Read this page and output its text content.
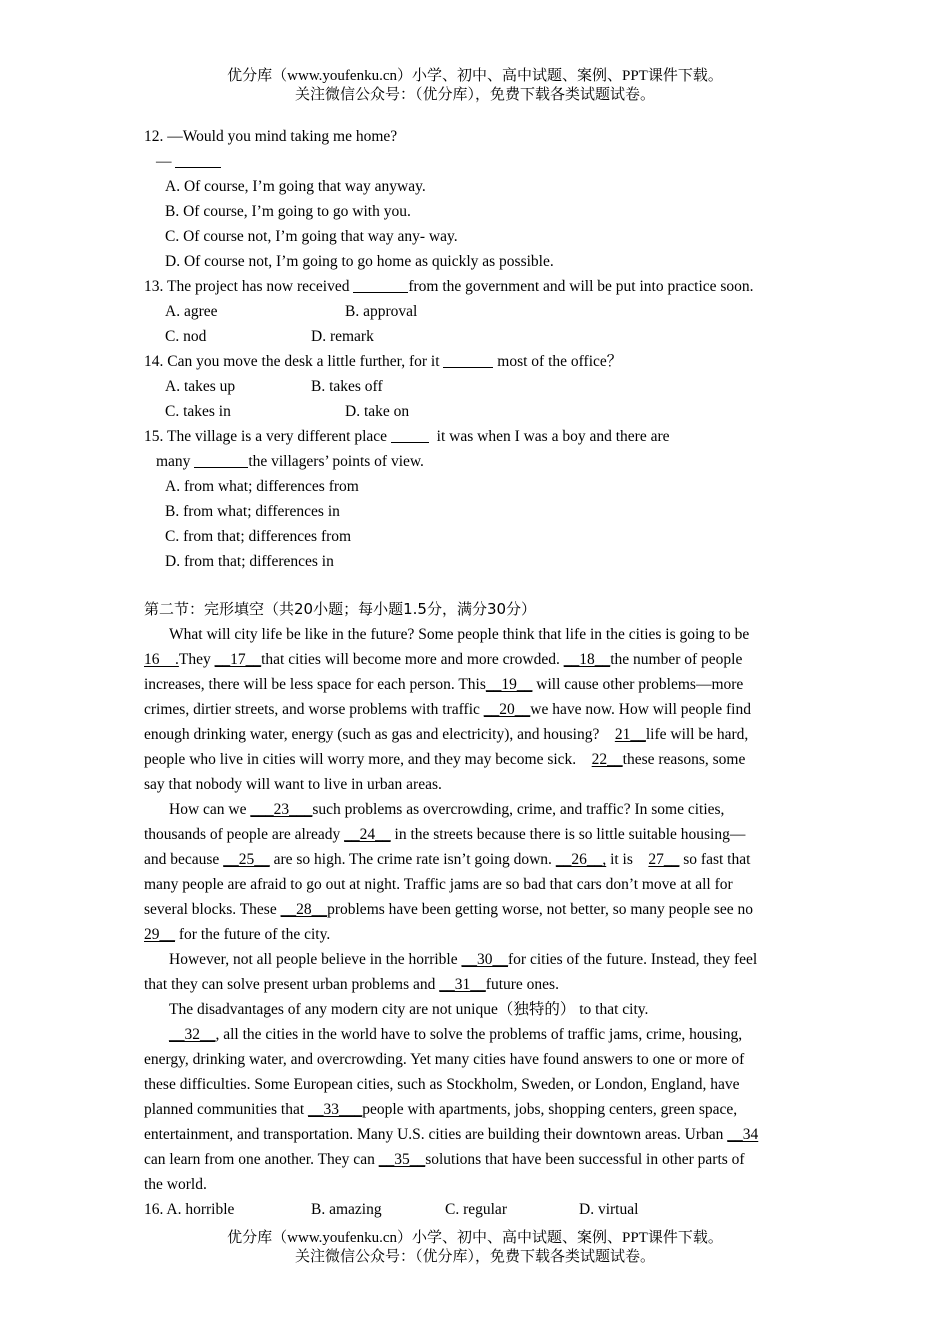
优分库（www.youfenku.cn）小学、初中、高中试题、案例、PPT课件下载。
关注微信公众号：（优分库），免费下载各类试题试卷。
12. —Would you mind taking me home?
—
A. Of course, I’m going that way anyway.
B. Of course, I’m going to go with you.
C. Of course not, I’m going that way any- way.
D. Of course not, I’m going to go home as quickly as possible.
13. The project has now received	from the government and will be put into practice soon.
A. agree	B. approval
C. nod	D. remark
14. Can you move the desk a little further, for it	most of the office？
A. takes up	B. takes off
C. takes in	D. take on
15. The village is a very different place   it was when I was a boy and there are
many	the villagers’ points of view.
A. from what; differences from
B. from what; differences in
C. from that; differences from
D. from that; differences in
第二节：完形填空（共20小题；每小题1.5分，满分30分）
What will city life be like in the future? Some people think that life in the cities is going to be
16　.They __17__that cities will become more and more crowded. __18__the number of people
increases, there will be less space for each person. This__19__ will cause other problems—more
crimes, dirtier streets, and worse problems with traffic __20__we have now. How will people find
enough drinking water, energy (such as gas and electricity), and housing?    21__life will be hard,
people who live in cities will worry more, and they may become sick.    22__these reasons, some
say that nobody will want to live in urban areas.
How can we ___23___such problems as overcrowding, crime, and traffic? In some cities,
thousands of people are already __24__ in the streets because there is so little suitable housing—
and because __25__ are so high. The crime rate isn’t going down. __26__, it is    27__ so fast that
many people are afraid to go out at night. Traffic jams are so bad that cars don’t move at all for
several blocks. These __28__problems have been getting worse, not better, so many people see no
29__ for the future of the city.
However, not all people believe in the horrible __30__for cities of the future. Instead, they feel
that they can solve present urban problems and __31__future ones.
The disadvantages of any modern city are not unique（独特的） to that city.
__32__, all the cities in the world have to solve the problems of traffic jams, crime, housing,
energy, drinking water, and overcrowding. Yet many cities have found answers to one or more of
these difficulties. Some European cities, such as Stockholm, Sweden, or London, England, have
planned communities that __33___people with apartments, jobs, shopping centers, green space,
entertainment, and transportation. Many U.S. cities are building their downtown areas. Urban __34
can learn from one another. They can __35__solutions that have been successful in other parts of
the world.
16. A. horrible	B. amazing	C. regular	D. virtual
优分库（www.youfenku.cn）小学、初中、高中试题、案例、PPT课件下载。
关注微信公众号：（优分库），免费下载各类试题试卷。
